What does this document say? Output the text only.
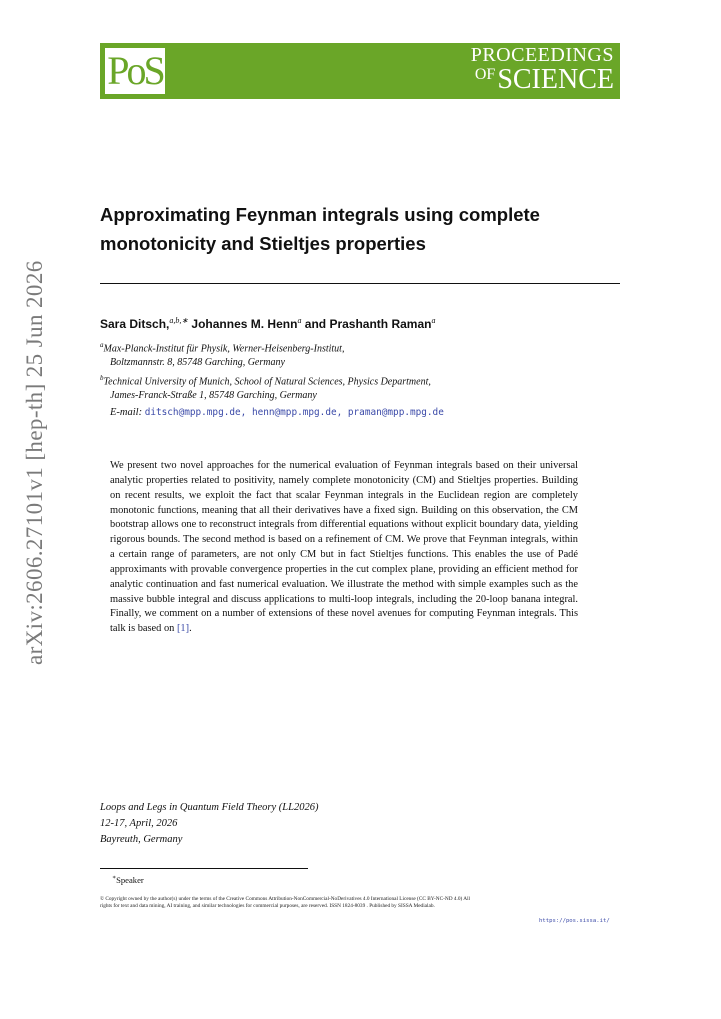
PoS	PROCEEDINGS
$^{OF}$SCIENCE
arXiv:2606.27101v1 [hep-th] 25 Jun 2026
Approximating Feynman integrals using complete
monotonicity and Stieltjes properties
Sara Ditsch,$^{a,b,∗}$ Johannes M. Henn$^a$ and Prashanth Raman$^a$
$^a$Max-Planck-Institut für Physik, Werner-Heisenberg-Institut,
Boltzmannstr. 8, 85748 Garching, Germany
$^b$Technical University of Munich, School of Natural Sciences, Physics Department,
James-Franck-Straße 1, 85748 Garching, Germany
E-mail: ditsch@mpp.mpg.de, henn@mpp.mpg.de, praman@mpp.mpg.de
We present two novel approaches for the numerical evaluation of Feynman integrals based on their universal analytic properties related to positivity, namely complete monotonicity (CM) and Stieltjes properties. Building on recent results, we exploit the fact that scalar Feynman integrals in the Euclidean region are completely monotonic functions, meaning that all their derivatives have a fixed sign. Building on this observation, the CM bootstrap allows one to reconstruct integrals from differential equations without explicit boundary data, yielding rigorous bounds. The second method is based on a refinement of CM. We prove that Feynman integrals, within a certain range of parameters, are not only CM but in fact Stieltjes functions. This enables the use of Padé approximants with provable convergence properties in the cut complex plane, providing an efficient method for analytic continuation and fast numerical evaluation. We illustrate the method with simple examples such as the massive bubble integral and discuss applications to multi-loop integrals, including the 20-loop banana integral. Finally, we comment on a number of extensions of these novel avenues for computing Feynman integrals. This talk is based on [1].
Loops and Legs in Quantum Field Theory (LL2026)
12-17, April, 2026
Bayreuth, Germany
∗Speaker
© Copyright owned by the author(s) under the terms of the Creative Commons Attribution-NonCommercial-NoDerivatives 4.0 International License (CC BY-NC-ND 4.0) All rights for text and data mining, AI training, and similar technologies for commercial purposes, are reserved. ISSN 1824-8039 . Published by SISSA Medialab.
https://pos.sissa.it/
